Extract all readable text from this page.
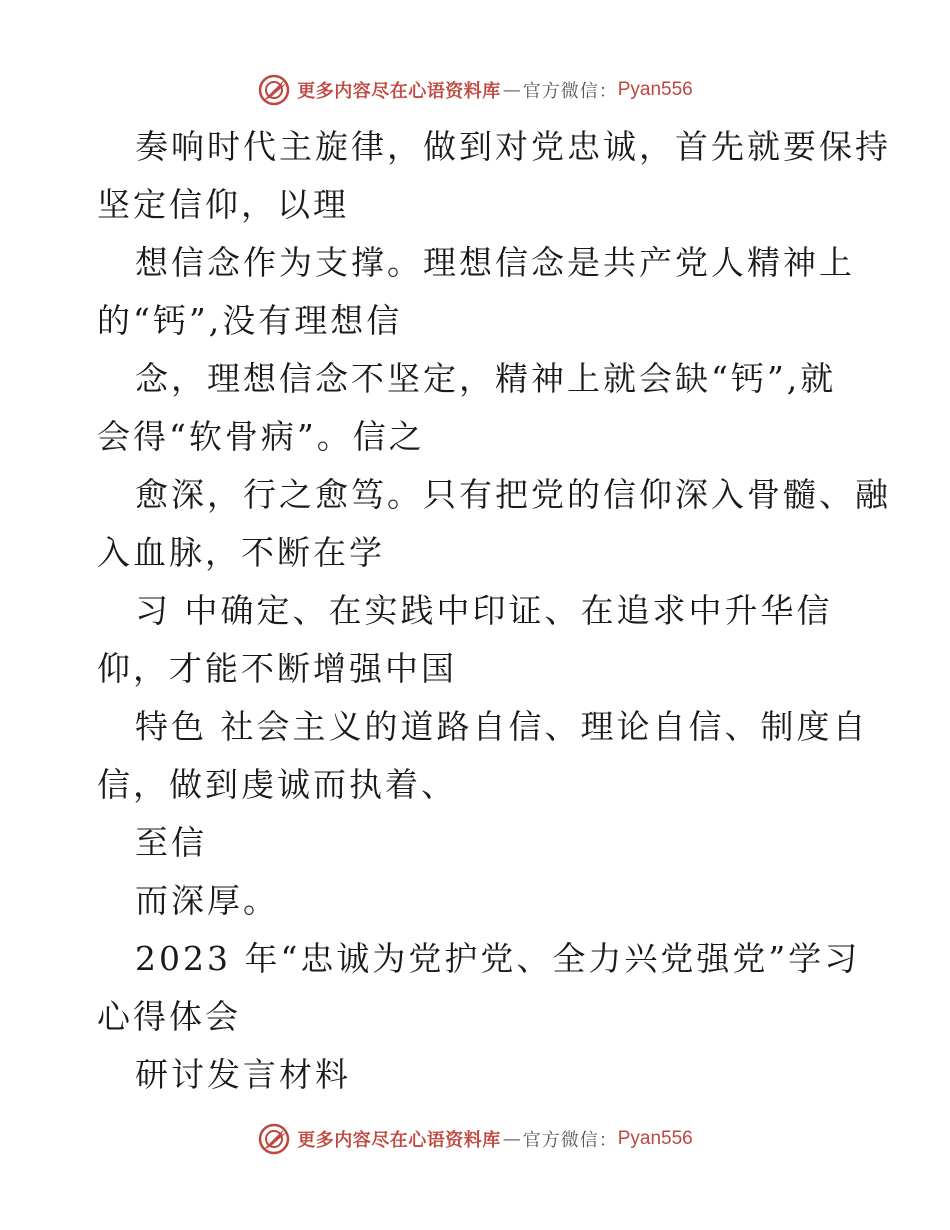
更多内容尽在心语资料库 — 官方微信： Pyan556
奏响时代主旋律，做到对党忠诚，首先就要保持
坚定信仰，以理
想信念作为支撑。理想信念是共产党人精神上
的“钙”,没有理想信
念，理想信念不坚定，精神上就会缺“钙”,就
会得“软骨病”。信之
愈深，行之愈笃。只有把党的信仰深入骨髓、融
入血脉，不断在学
习 中确定、在实践中印证、在追求中升华信
仰，才能不断增强中国
特色 社会主义的道路自信、理论自信、制度自
信，做到虔诚而执着、
至信
而深厚。
2023 年“忠诚为党护党、全力兴党强党”学习
心得体会
研讨发言材料
更多内容尽在心语资料库 — 官方微信： Pyan556
